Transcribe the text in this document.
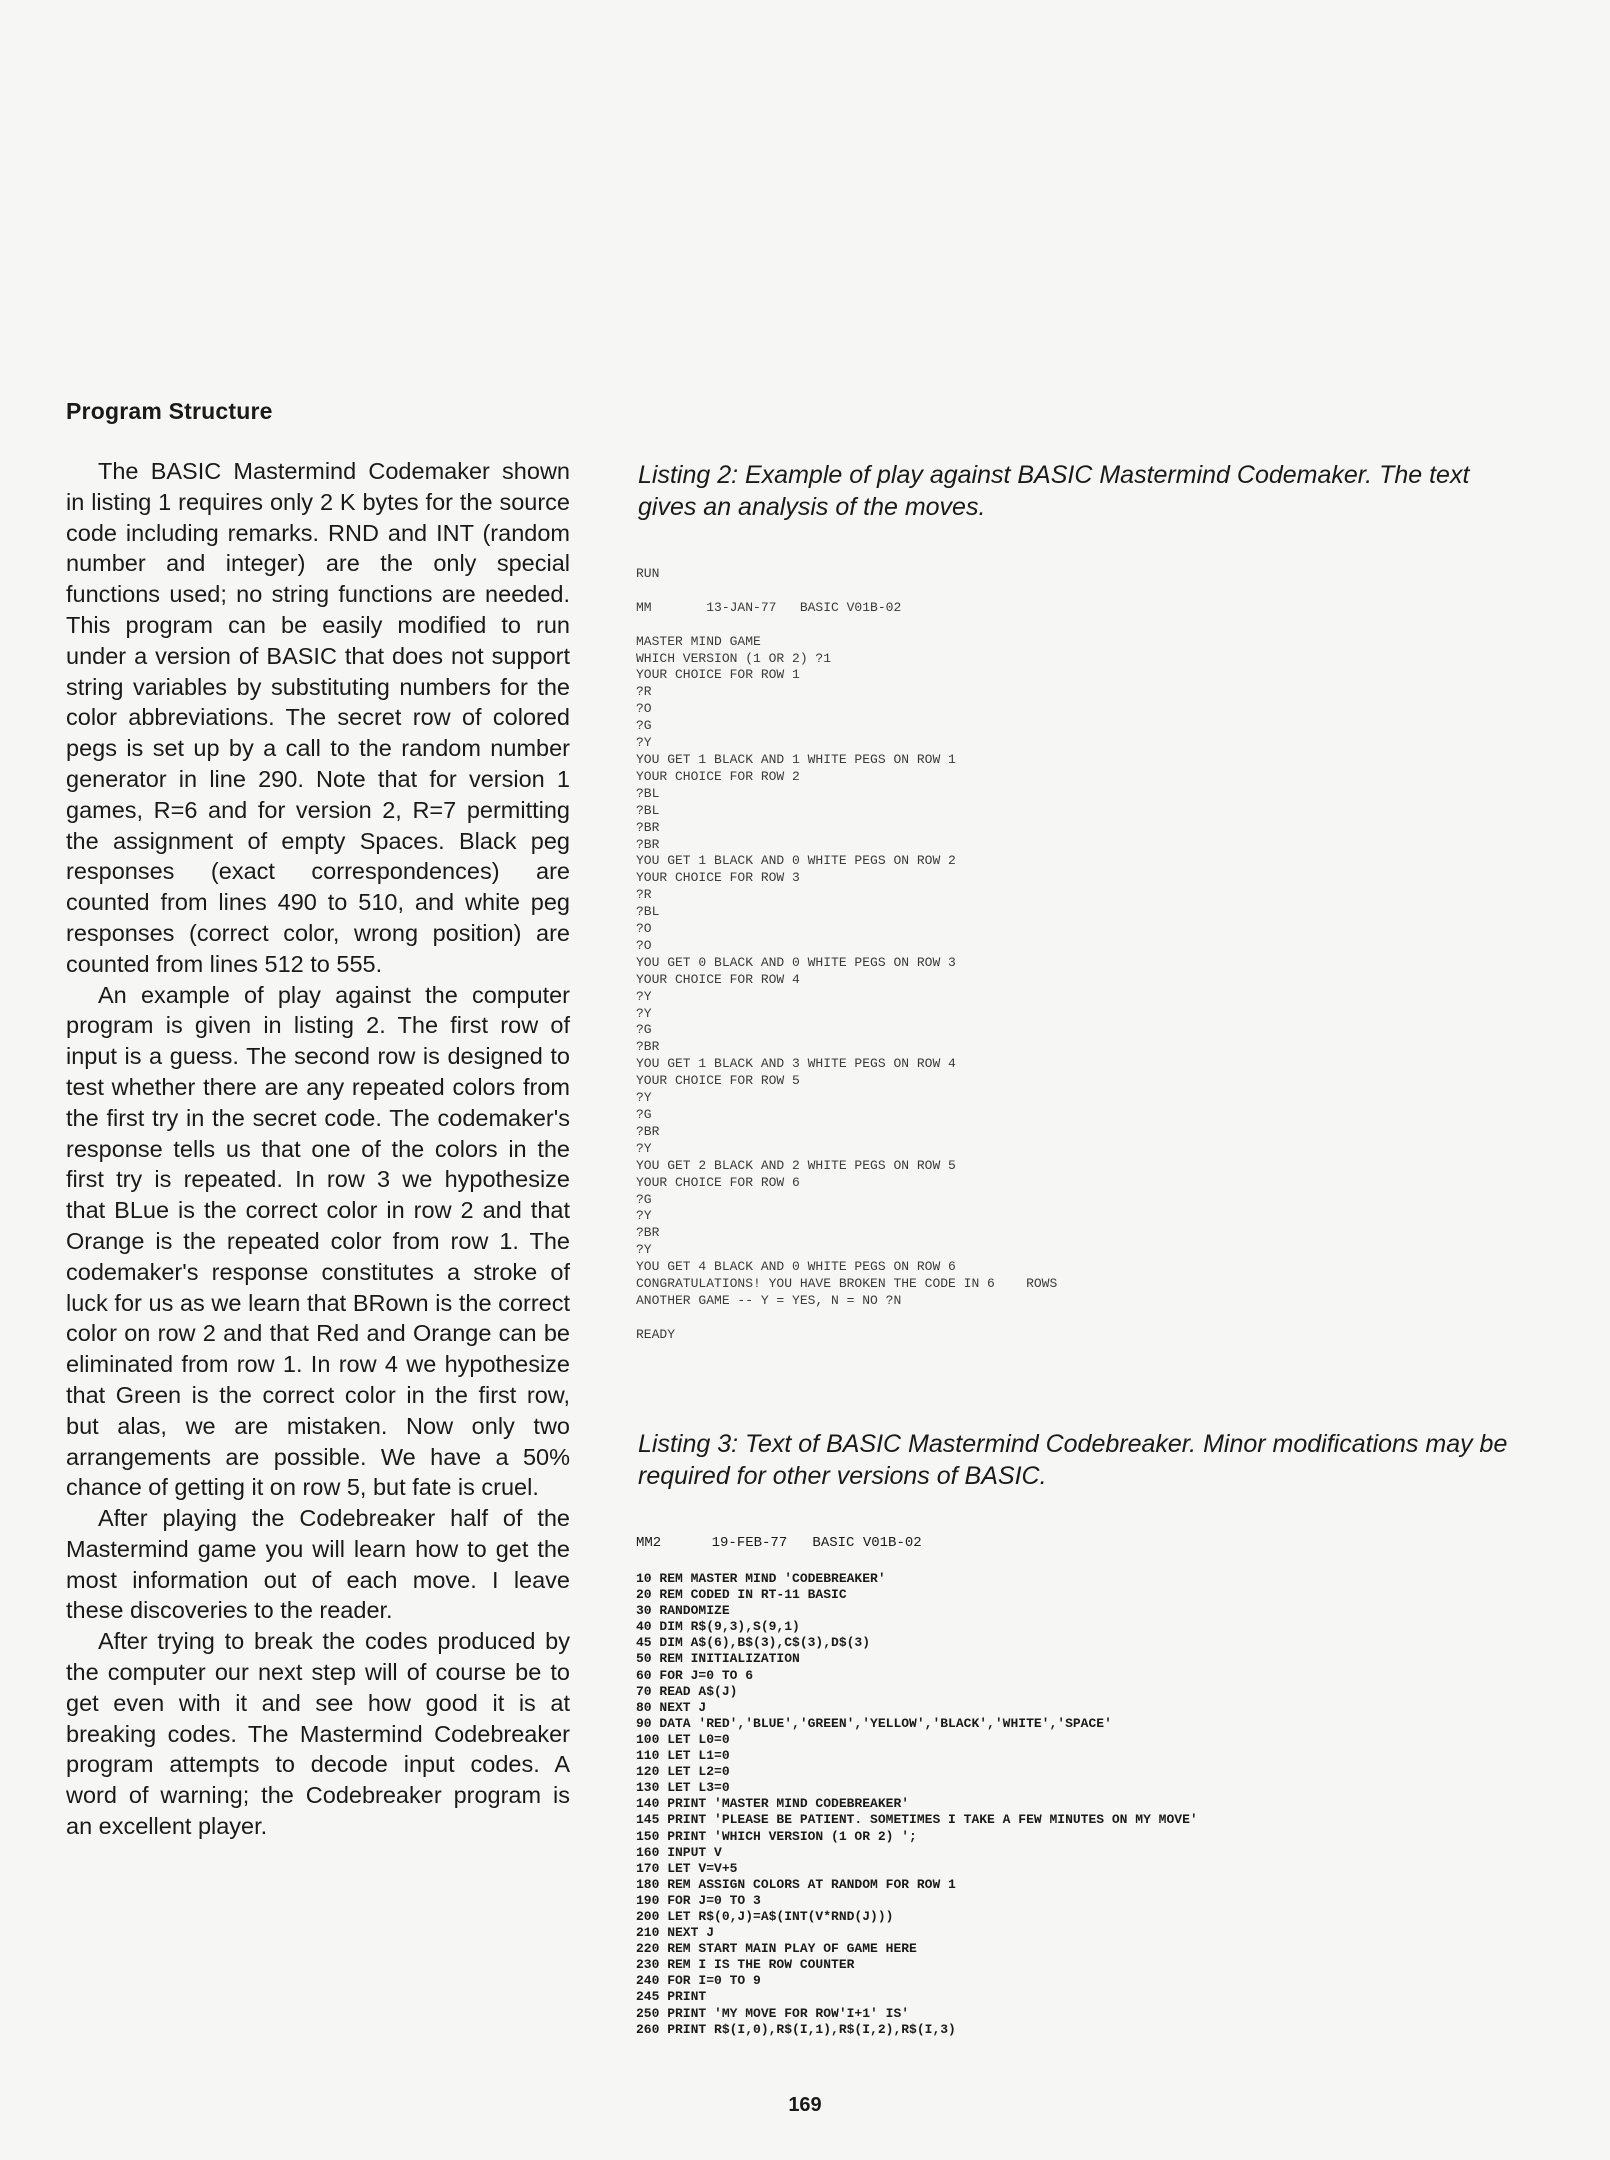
Program Structure

The BASIC Mastermind Codemaker shown in listing 1 requires only 2 K bytes for the source code including remarks. RND and INT (random number and integer) are the only special functions used; no string functions are needed. This program can be easily modified to run under a version of BASIC that does not support string variables by substituting numbers for the color abbreviations. The secret row of colored pegs is set up by a call to the random number generator in line 290. Note that for version 1 games, R=6 and for version 2, R=7 permitting the assignment of empty Spaces. Black peg responses (exact correspondences) are counted from lines 490 to 510, and white peg responses (correct color, wrong position) are counted from lines 512 to 555.

An example of play against the computer program is given in listing 2. The first row of input is a guess. The second row is designed to test whether there are any repeated colors from the first try in the secret code. The codemaker's response tells us that one of the colors in the first try is repeated. In row 3 we hypothesize that BLue is the correct color in row 2 and that Orange is the repeated color from row 1. The codemaker's response constitutes a stroke of luck for us as we learn that BRown is the correct color on row 2 and that Red and Orange can be eliminated from row 1. In row 4 we hypothesize that Green is the correct color in the first row, but alas, we are mistaken. Now only two arrangements are possible. We have a 50% chance of getting it on row 5, but fate is cruel.

After playing the Codebreaker half of the Mastermind game you will learn how to get the most information out of each move. I leave these discoveries to the reader.

After trying to break the codes produced by the computer our next step will of course be to get even with it and see how good it is at breaking codes. The Mastermind Codebreaker program attempts to decode input codes. A word of warning; the Codebreaker program is an excellent player.

Listing 2: Example of play against BASIC Mastermind Codemaker. The text gives an analysis of the moves.
RUN

MM       13-JAN-77   BASIC V01B-02

MASTER MIND GAME
WHICH VERSION (1 OR 2) ?1
YOUR CHOICE FOR ROW 1
?R
?O
?G
?Y
YOU GET 1 BLACK AND 1 WHITE PEGS ON ROW 1
YOUR CHOICE FOR ROW 2
?BL
?BL
?BR
?BR
YOU GET 1 BLACK AND 0 WHITE PEGS ON ROW 2
YOUR CHOICE FOR ROW 3
?R
?BL
?O
?O
YOU GET 0 BLACK AND 0 WHITE PEGS ON ROW 3
YOUR CHOICE FOR ROW 4
?Y
?Y
?G
?BR
YOU GET 1 BLACK AND 3 WHITE PEGS ON ROW 4
YOUR CHOICE FOR ROW 5
?Y
?G
?BR
?Y
YOU GET 2 BLACK AND 2 WHITE PEGS ON ROW 5
YOUR CHOICE FOR ROW 6
?G
?Y
?BR
?Y
YOU GET 4 BLACK AND 0 WHITE PEGS ON ROW 6
CONGRATULATIONS! YOU HAVE BROKEN THE CODE IN 6    ROWS
ANOTHER GAME -- Y = YES, N = NO ?N

READY
Listing 3: Text of BASIC Mastermind Codebreaker. Minor modifications may be required for other versions of BASIC.
MM2      19-FEB-77   BASIC V01B-02
10 REM MASTER MIND 'CODEBREAKER'
20 REM CODED IN RT-11 BASIC
30 RANDOMIZE
40 DIM R$(9,3),S(9,1)
45 DIM A$(6),B$(3),C$(3),D$(3)
50 REM INITIALIZATION
60 FOR J=0 TO 6
70 READ A$(J)
80 NEXT J
90 DATA 'RED','BLUE','GREEN','YELLOW','BLACK','WHITE','SPACE'
100 LET L0=0
110 LET L1=0
120 LET L2=0
130 LET L3=0
140 PRINT 'MASTER MIND CODEBREAKER'
145 PRINT 'PLEASE BE PATIENT. SOMETIMES I TAKE A FEW MINUTES ON MY MOVE'
150 PRINT 'WHICH VERSION (1 OR 2) ';
160 INPUT V
170 LET V=V+5
180 REM ASSIGN COLORS AT RANDOM FOR ROW 1
190 FOR J=0 TO 3
200 LET R$(0,J)=A$(INT(V*RND(J)))
210 NEXT J
220 REM START MAIN PLAY OF GAME HERE
230 REM I IS THE ROW COUNTER
240 FOR I=0 TO 9
245 PRINT
250 PRINT 'MY MOVE FOR ROW'I+1' IS'
260 PRINT R$(I,0),R$(I,1),R$(I,2),R$(I,3)
169
